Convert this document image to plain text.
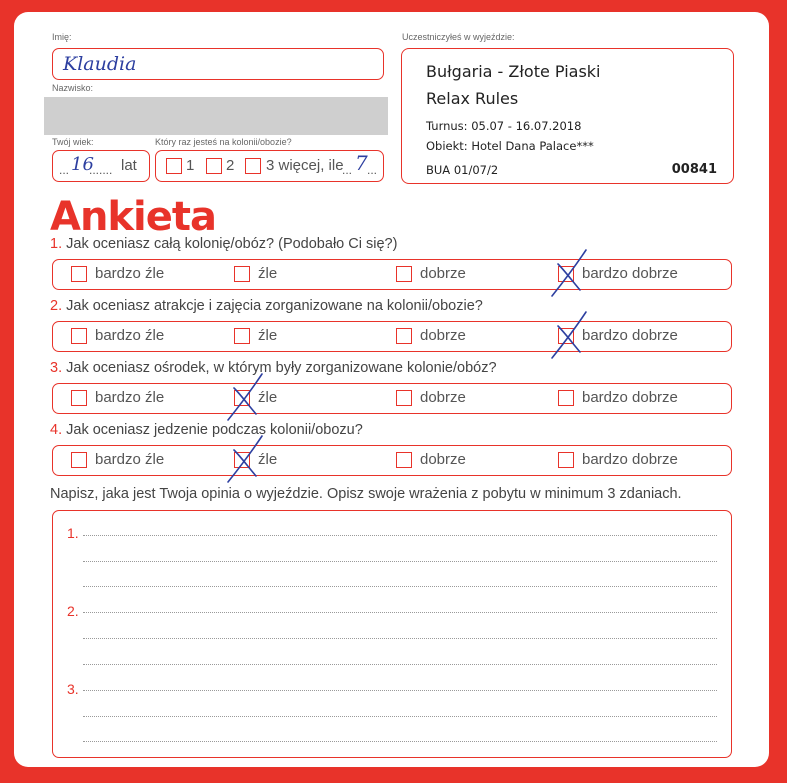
Imię:
Klaudia
Nazwisko:
Twój wiek:
... 16
....... lat
Który raz jesteś na kolonii/obozie?
1 2 3 więcej, ile
... 7 ...
Uczestniczyłeś w wyjeździe:
Bułgaria - Złote Piaski
Relax Rules
Turnus: 05.07 - 16.07.2018
Obiekt: Hotel Dana Palace***
BUA 01/07/2	00841
Ankieta
1. Jak oceniasz całą kolonię/obóz? (Podobało Ci się?)
bardzo źle	źle	dobrze	bardzo dobrze
2. Jak oceniasz atrakcje i zajęcia zorganizowane na kolonii/obozie?
bardzo źle	źle	dobrze	bardzo dobrze
3. Jak oceniasz ośrodek, w którym były zorganizowane kolonie/obóz?
bardzo źle	źle	dobrze	bardzo dobrze
4. Jak oceniasz jedzenie podczas kolonii/obozu?
bardzo źle	źle	dobrze	bardzo dobrze
Napisz, jaka jest Twoja opinia o wyjeździe. Opisz swoje wrażenia z pobytu w minimum 3 zdaniach.
1.
2.
3.
